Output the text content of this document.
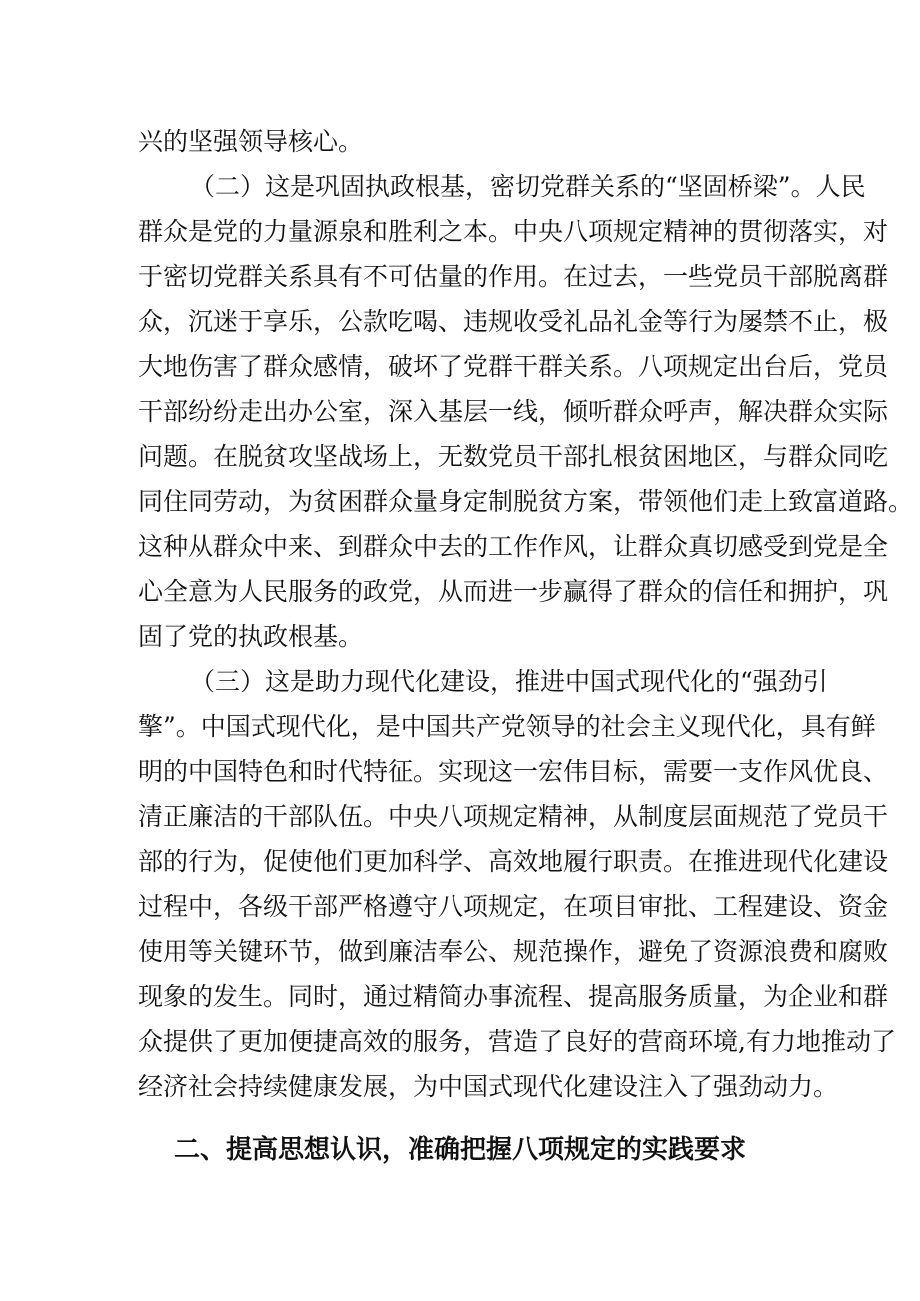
兴的坚强领导核心。
（二）这是巩固执政根基，密切党群关系的“坚固桥梁”。人民
群众是党的力量源泉和胜利之本。中央八项规定精神的贯彻落实，对
于密切党群关系具有不可估量的作用。在过去，一些党员干部脱离群
众，沉迷于享乐，公款吃喝、违规收受礼品礼金等行为屡禁不止，极
大地伤害了群众感情，破坏了党群干群关系。八项规定出台后，党员
干部纷纷走出办公室，深入基层一线，倾听群众呼声，解决群众实际
问题。在脱贫攻坚战场上，无数党员干部扎根贫困地区，与群众同吃
同住同劳动，为贫困群众量身定制脱贫方案，带领他们走上致富道路。
这种从群众中来、到群众中去的工作作风，让群众真切感受到党是全
心全意为人民服务的政党，从而进一步赢得了群众的信任和拥护，巩
固了党的执政根基。
（三）这是助力现代化建设，推进中国式现代化的“强劲引
擎”。中国式现代化，是中国共产党领导的社会主义现代化，具有鲜
明的中国特色和时代特征。实现这一宏伟目标，需要一支作风优良、
清正廉洁的干部队伍。中央八项规定精神，从制度层面规范了党员干
部的行为，促使他们更加科学、高效地履行职责。在推进现代化建设
过程中，各级干部严格遵守八项规定，在项目审批、工程建设、资金
使用等关键环节，做到廉洁奉公、规范操作，避免了资源浪费和腐败
现象的发生。同时，通过精简办事流程、提高服务质量，为企业和群
众提供了更加便捷高效的服务，营造了良好的营商环境,有力地推动了
经济社会持续健康发展，为中国式现代化建设注入了强劲动力。
二、提高思想认识，准确把握八项规定的实践要求
